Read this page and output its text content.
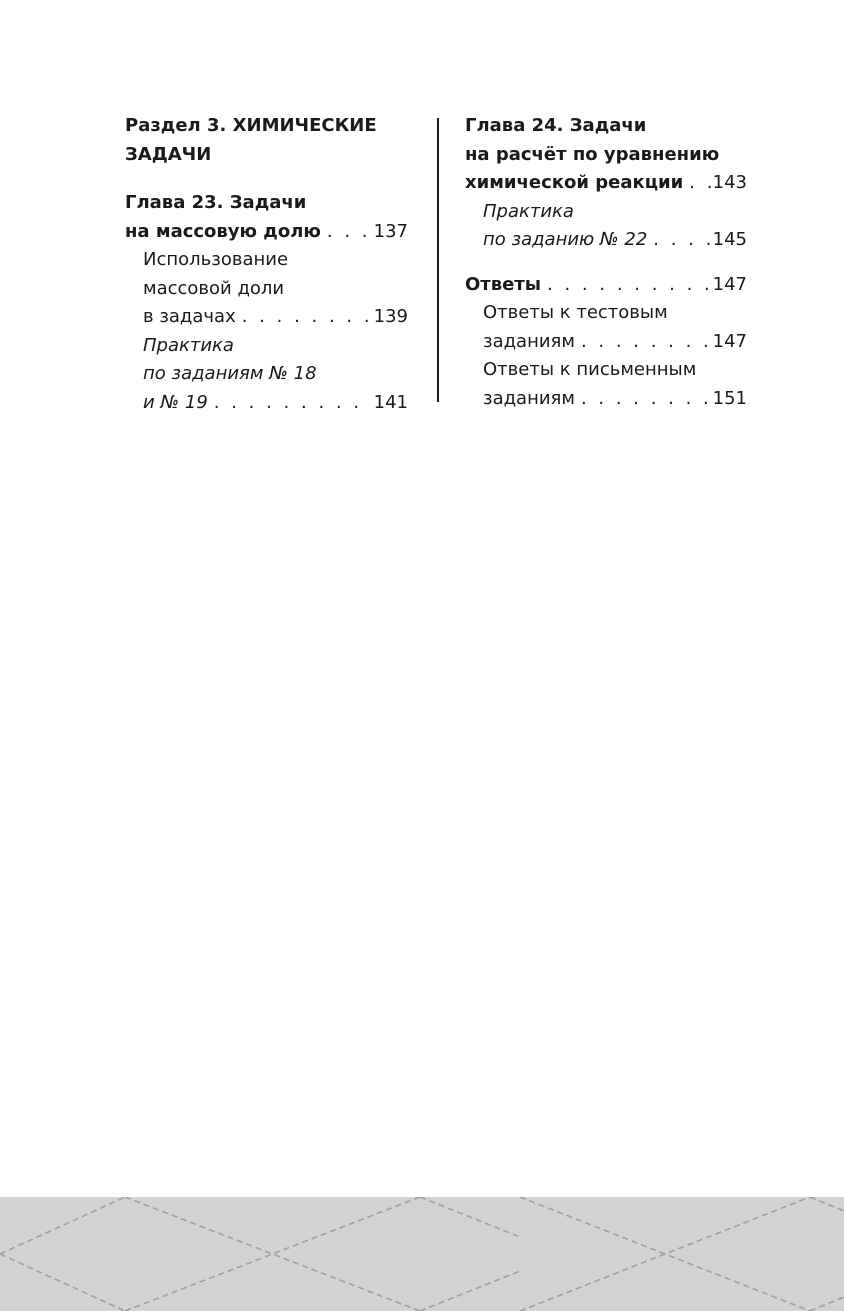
Раздел 3. ХИМИЧЕСКИЕ
ЗАДАЧИ
Глава 23. Задачи
на массовую долю . . .	137
Использование
массовой доли
в задачах . . .	139
Практика
по заданиям № 18
и № 19 . . .	141
Глава 24. Задачи
на расчёт по уравнению
химической реакции . . . 143
Практика
по заданию № 22 . . .	145
Ответы . . .	147
Ответы к тестовым
заданиям . . .	147
Ответы к письменным
заданиям . . .	151
